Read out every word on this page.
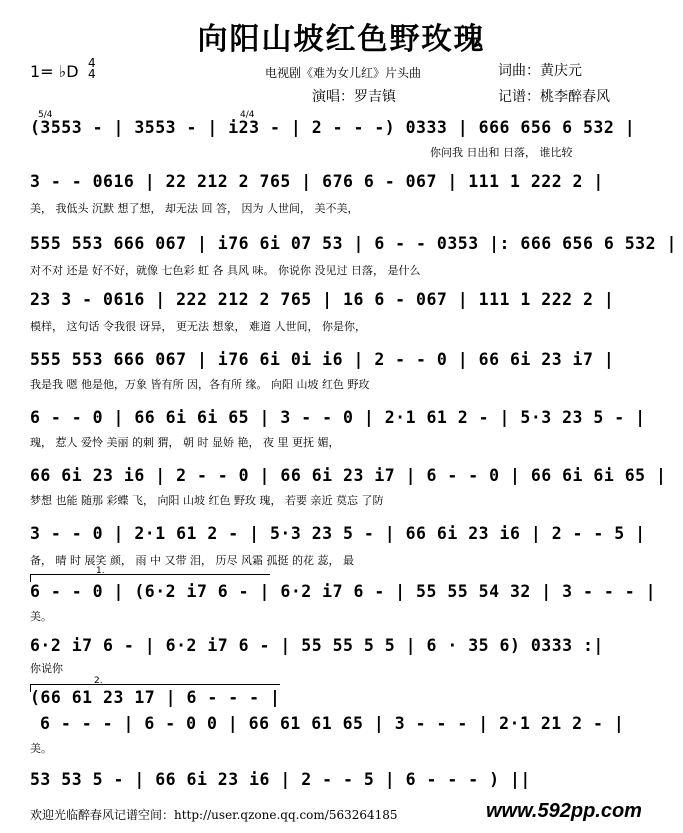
向阳山坡红色野玫瑰
1= ♭D 4
4	电视剧《难为女儿红》片头曲	词曲：黄庆元
演唱：罗吉镇	记谱：桃李醉春风
5/4	4/4
(3553 - | 3553 - | i23 - | 2 - - -) 0333 | 666 656 6 532 |
你问我 日出和 日落， 谁比较
3 - - 0616 | 22 212 2 765 | 676 6 - 067 | 111 1 222 2 |
美， 我低头 沉默 想了想， 却无法 回 答， 因为 人世间， 美不美，
555 553 666 067 | i76 6i 07 53 | 6 - - 0353 |: 666 656 6 532 |
对不对 还是 好不好，就像 七色彩 虹 各 具风 味。 你说你 没见过 日落， 是什么
23 3 - 0616 | 222 212 2 765 | 16 6 - 067 | 111 1 222 2 |
模样， 这句话 令我很 讶异， 更无法 想象， 难道 人世间， 你是你，
555 553 666 067 | i76 6i 0i i6 | 2 - - 0 | 66 6i 23 i7 |
我是我 嗯 他是他，万象 皆有所 因，各有所 缘。 向阳 山坡 红色 野玫
6 - - 0 | 66 6i 6i 65 | 3 - - 0 | 2·1 61 2 - | 5·3 23 5 - |
瑰， 惹人 爱怜 美丽 的刺 猬， 朝 时 显娇 艳， 夜 里 更抚 媚，
66 6i 23 i6 | 2 - - 0 | 66 6i 23 i7 | 6 - - 0 | 66 6i 6i 65 |
梦想 也能 随那 彩蝶 飞， 向阳 山坡 红色 野玫 瑰， 若要 亲近 莫忘 了防
3 - - 0 | 2·1 61 2 - | 5·3 23 5 - | 66 6i 23 i6 | 2 - - 5 |
备， 晴 时 展笑 颜， 雨 中 又带 泪， 历尽 风霜 孤挺 的花 蕊， 最
1.
6 - - 0 | (6·2 i7 6 - | 6·2 i7 6 - | 55 55 54 32 | 3 - - - |
美。
6·2 i7 6 - | 6·2 i7 6 - | 55 55 5 5 | 6 · 35 6) 0333 :|
你说你
2.
(66 61 23 17 | 6 - - - |
6 - - - | 6 - 0 0 | 66 61 61 65 | 3 - - - | 2·1 21 2 - |
美。
53 53 5 - | 66 6i 23 i6 | 2 - - 5 | 6 - - - ) ||
欢迎光临醉春风记谱空间：http://user.qzone.qq.com/563264185	www.592pp.com
